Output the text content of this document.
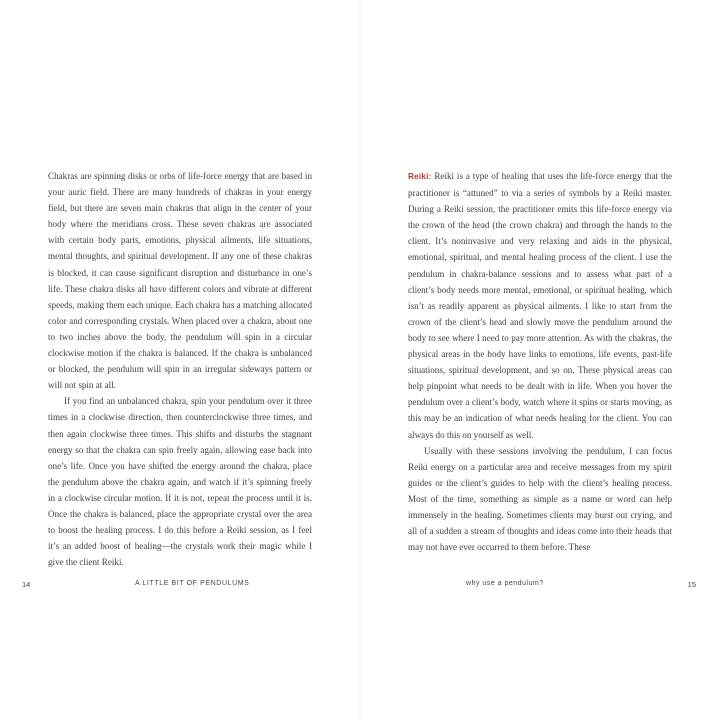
Chakras are spinning disks or orbs of life-force energy that are based in your auric field. There are many hundreds of chakras in your energy field, but there are seven main chakras that align in the center of your body where the meridians cross. These seven chakras are associated with certain body parts, emotions, physical ailments, life situations, mental thoughts, and spiritual development. If any one of these chakras is blocked, it can cause significant disruption and disturbance in one’s life. These chakra disks all have different colors and vibrate at different speeds, making them each unique. Each chakra has a matching allocated color and corresponding crystals. When placed over a chakra, about one to two inches above the body, the pendulum will spin in a circular clockwise motion if the chakra is balanced. If the chakra is unbalanced or blocked, the pendulum will spin in an irregular sideways pattern or will not spin at all.

If you find an unbalanced chakra, spin your pendulum over it three times in a clockwise direction, then counterclockwise three times, and then again clockwise three times. This shifts and disturbs the stagnant energy so that the chakra can spin freely again, allowing ease back into one’s life. Once you have shifted the energy around the chakra, place the pendulum above the chakra again, and watch if it’s spinning freely in a clockwise circular motion. If it is not, repeat the process until it is. Once the chakra is balanced, place the appropriate crystal over the area to boost the healing process. I do this before a Reiki session, as I feel it’s an added boost of healing—the crystals work their magic while I give the client Reiki.

14	A LITTLE BIT OF PENDULUMS

Reiki: Reiki is a type of healing that uses the life-force energy that the practitioner is “attuned” to via a series of symbols by a Reiki master. During a Reiki session, the practitioner emits this life-force energy via the crown of the head (the crown chakra) and through the hands to the client. It’s noninvasive and very relaxing and aids in the physical, emotional, spiritual, and mental healing process of the client. I use the pendulum in chakra-balance sessions and to assess what part of a client’s body needs more mental, emotional, or spiritual healing, which isn’t as readily apparent as physical ailments. I like to start from the crown of the client’s head and slowly move the pendulum around the body to see where I need to pay more attention. As with the chakras, the physical areas in the body have links to emotions, life events, past-life situations, spiritual development, and so on. These physical areas can help pinpoint what needs to be dealt with in life. When you hover the pendulum over a client’s body, watch where it spins or starts moving, as this may be an indication of what needs healing for the client. You can always do this on yourself as well.

Usually with these sessions involving the pendulum, I can focus Reiki energy on a particular area and receive messages from my spirit guides or the client’s guides to help with the client’s healing process. Most of the time, something as simple as a name or word can help immensely in the healing. Sometimes clients may burst out crying, and all of a sudden a stream of thoughts and ideas come into their heads that may not have ever occurred to them before. These

why use a pendulum?	15
